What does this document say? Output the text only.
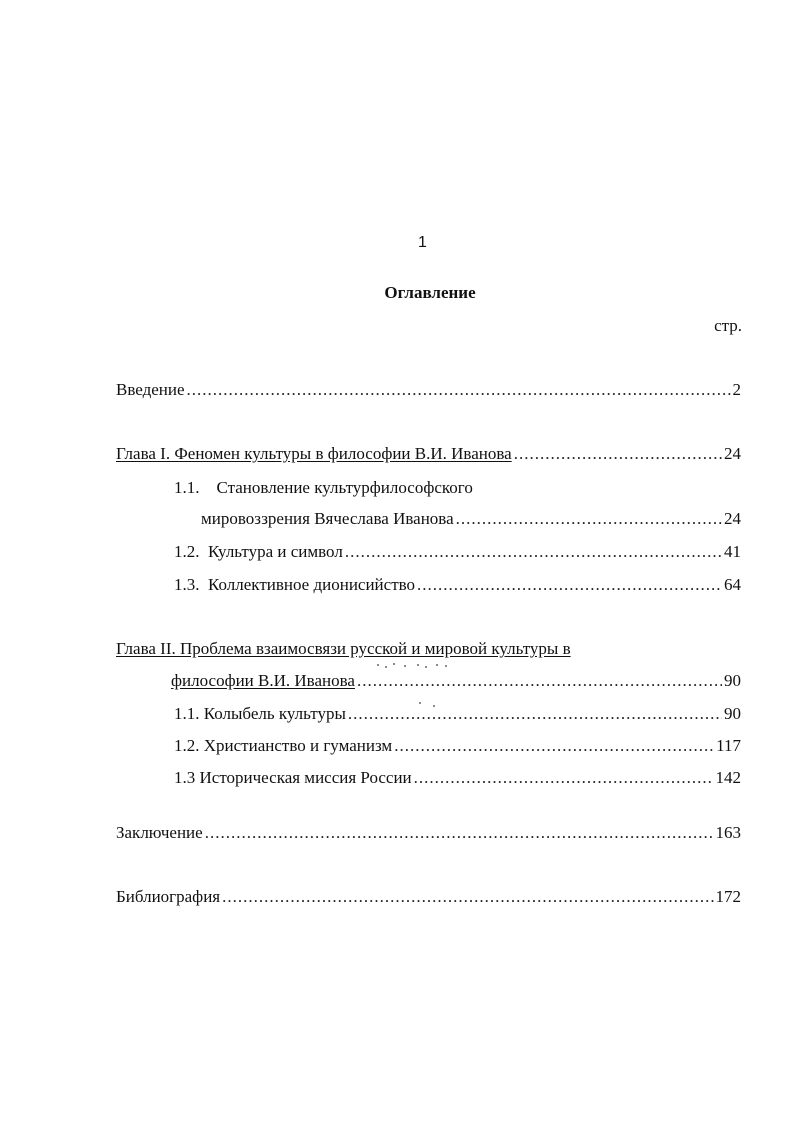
1
Оглавление
стр.
Введение .....	2
Глава I. Феномен культуры в философии В.И. Иванова .....	24
1.1. Становление культурфилософского
мировоззрения Вячеслава Иванова .....	24
1.2.
Культура и символ .....	41
1.3.
Коллективное дионисийство .....	64
Глава II. Проблема взаимосвязи русской и мировой культуры в
философии В.И. Иванова .....	90
1.1. Колыбель культуры .....	90
1.2. Христианство и гуманизм .....	117
1.3 Историческая миссия России .....	142
Заключение .....	163
Библиография .....	172
